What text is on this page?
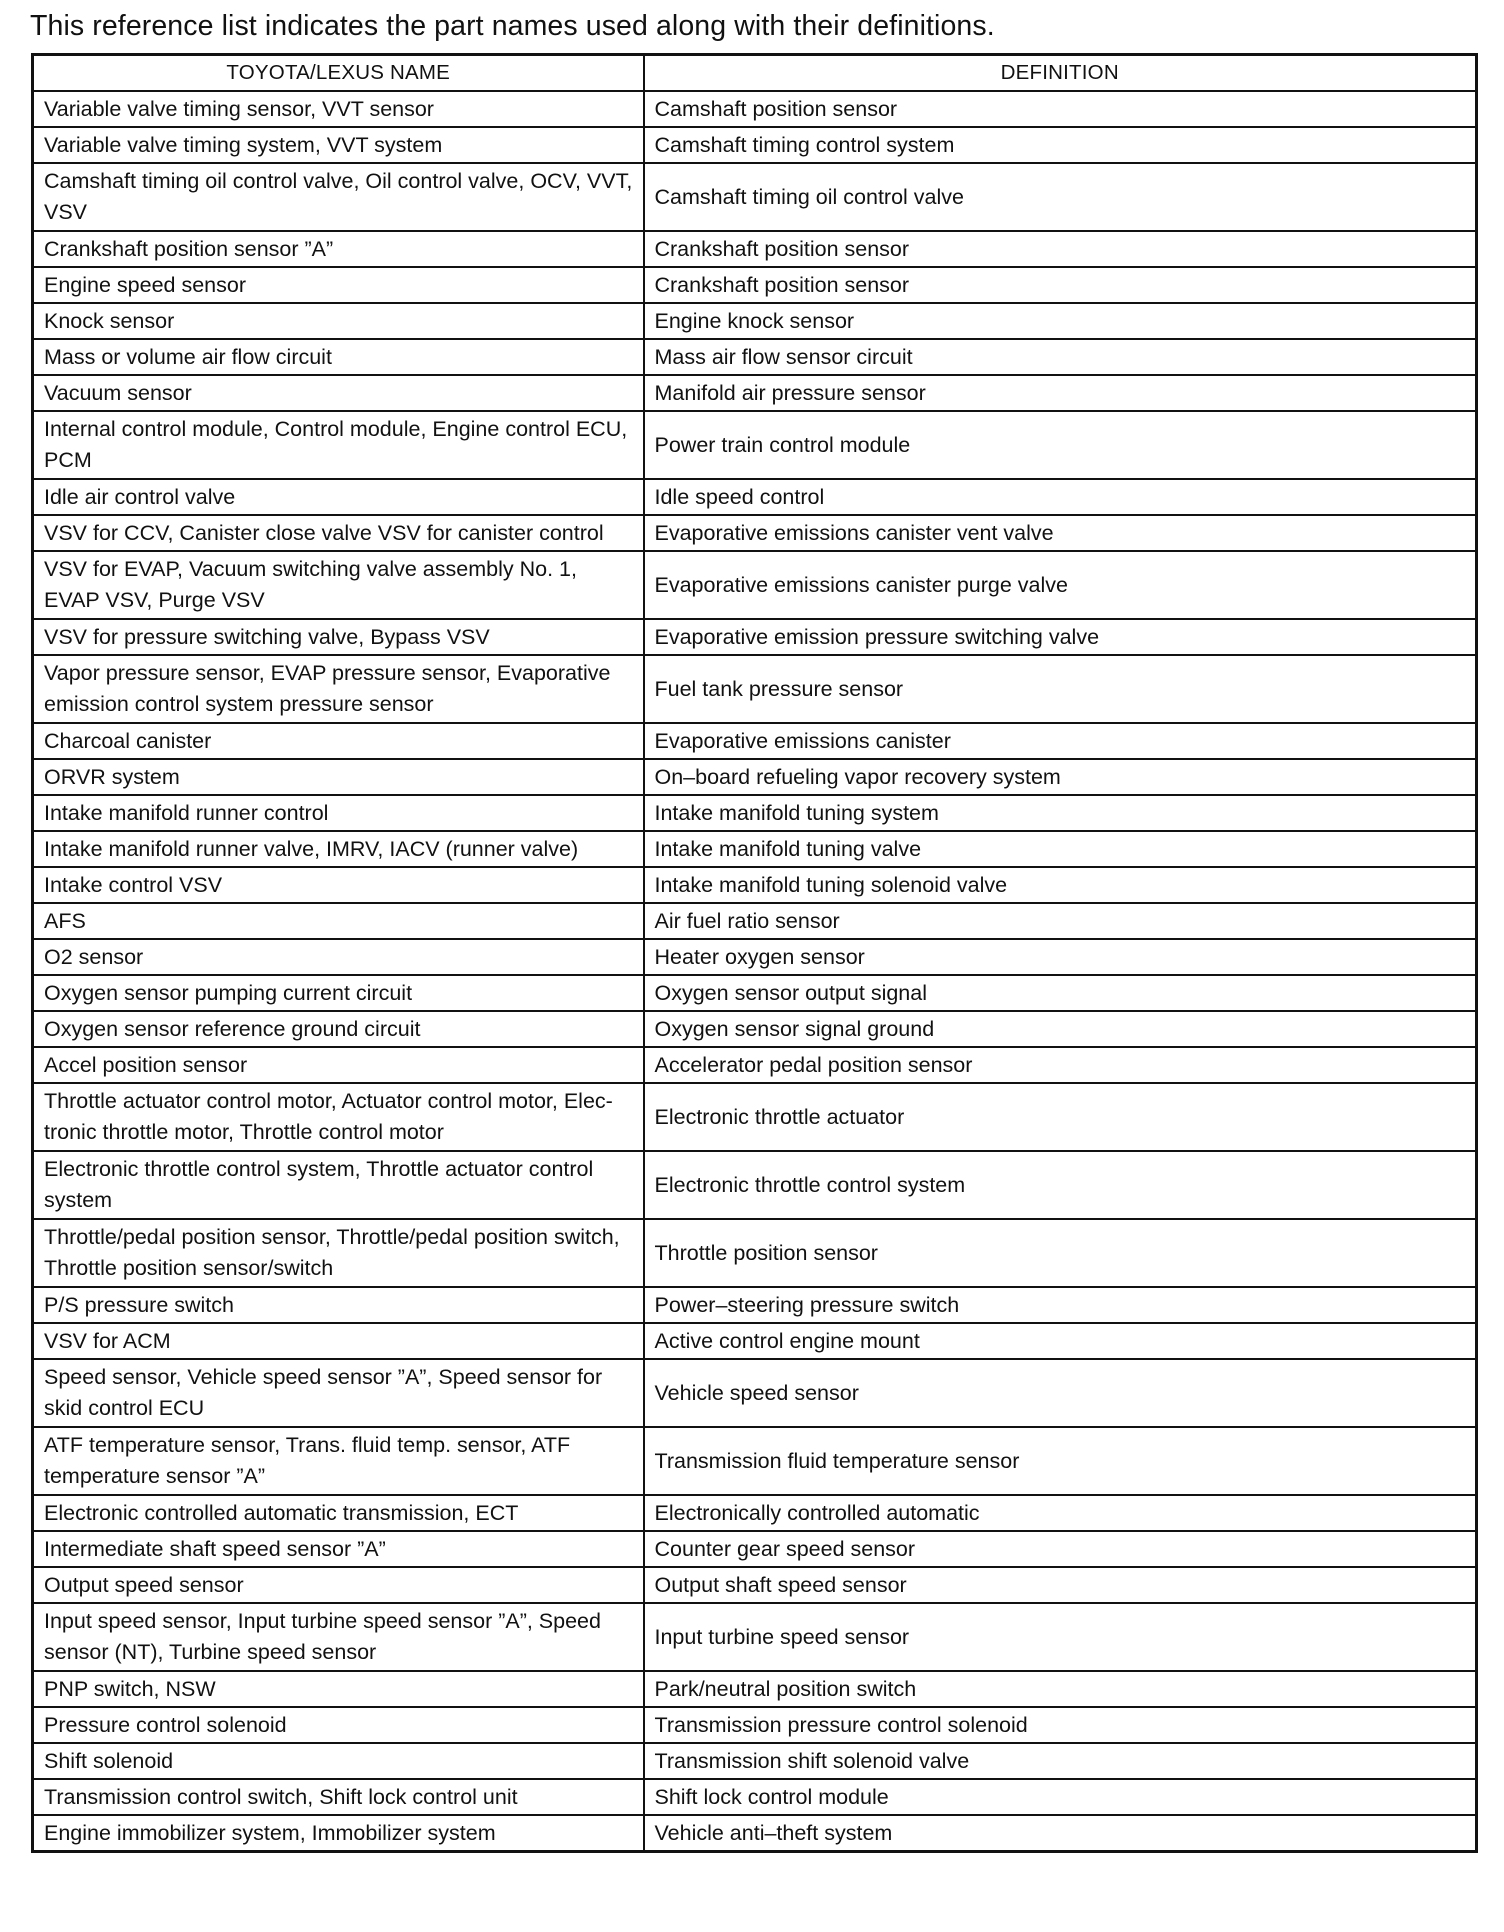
This reference list indicates the part names used along with their definitions.
TOYOTA/LEXUS NAME	DEFINITION
Variable valve timing sensor, VVT sensor	Camshaft position sensor
Variable valve timing system, VVT system	Camshaft timing control system
Camshaft timing oil control valve, Oil control valve, OCV, VVT, VSV	Camshaft timing oil control valve
Crankshaft position sensor ”A”	Crankshaft position sensor
Engine speed sensor	Crankshaft position sensor
Knock sensor	Engine knock sensor
Mass or volume air flow circuit	Mass air flow sensor circuit
Vacuum sensor	Manifold air pressure sensor
Internal control module, Control module, Engine control ECU, PCM	Power train control module
Idle air control valve	Idle speed control
VSV for CCV, Canister close valve VSV for canister control	Evaporative emissions canister vent valve
VSV for EVAP, Vacuum switching valve assembly No. 1, EVAP VSV, Purge VSV	Evaporative emissions canister purge valve
VSV for pressure switching valve, Bypass VSV	Evaporative emission pressure switching valve
Vapor pressure sensor, EVAP pressure sensor, Evaporative emission control system pressure sensor	Fuel tank pressure sensor
Charcoal canister	Evaporative emissions canister
ORVR system	On–board refueling vapor recovery system
Intake manifold runner control	Intake manifold tuning system
Intake manifold runner valve, IMRV, IACV (runner valve)	Intake manifold tuning valve
Intake control VSV	Intake manifold tuning solenoid valve
AFS	Air fuel ratio sensor
O2 sensor	Heater oxygen sensor
Oxygen sensor pumping current circuit	Oxygen sensor output signal
Oxygen sensor reference ground circuit	Oxygen sensor signal ground
Accel position sensor	Accelerator pedal position sensor
Throttle actuator control motor, Actuator control motor, Elec-tronic throttle motor, Throttle control motor	Electronic throttle actuator
Electronic throttle control system, Throttle actuator control system	Electronic throttle control system
Throttle/pedal position sensor, Throttle/pedal position switch, Throttle position sensor/switch	Throttle position sensor
P/S pressure switch	Power–steering pressure switch
VSV for ACM	Active control engine mount
Speed sensor, Vehicle speed sensor ”A”, Speed sensor for skid control ECU	Vehicle speed sensor
ATF temperature sensor, Trans. fluid temp. sensor, ATF temperature sensor ”A”	Transmission fluid temperature sensor
Electronic controlled automatic transmission, ECT	Electronically controlled automatic
Intermediate shaft speed sensor ”A”	Counter gear speed sensor
Output speed sensor	Output shaft speed sensor
Input speed sensor, Input turbine speed sensor ”A”, Speed sensor (NT), Turbine speed sensor	Input turbine speed sensor
PNP switch, NSW	Park/neutral position switch
Pressure control solenoid	Transmission pressure control solenoid
Shift solenoid	Transmission shift solenoid valve
Transmission control switch, Shift lock control unit	Shift lock control module
Engine immobilizer system, Immobilizer system	Vehicle anti–theft system
